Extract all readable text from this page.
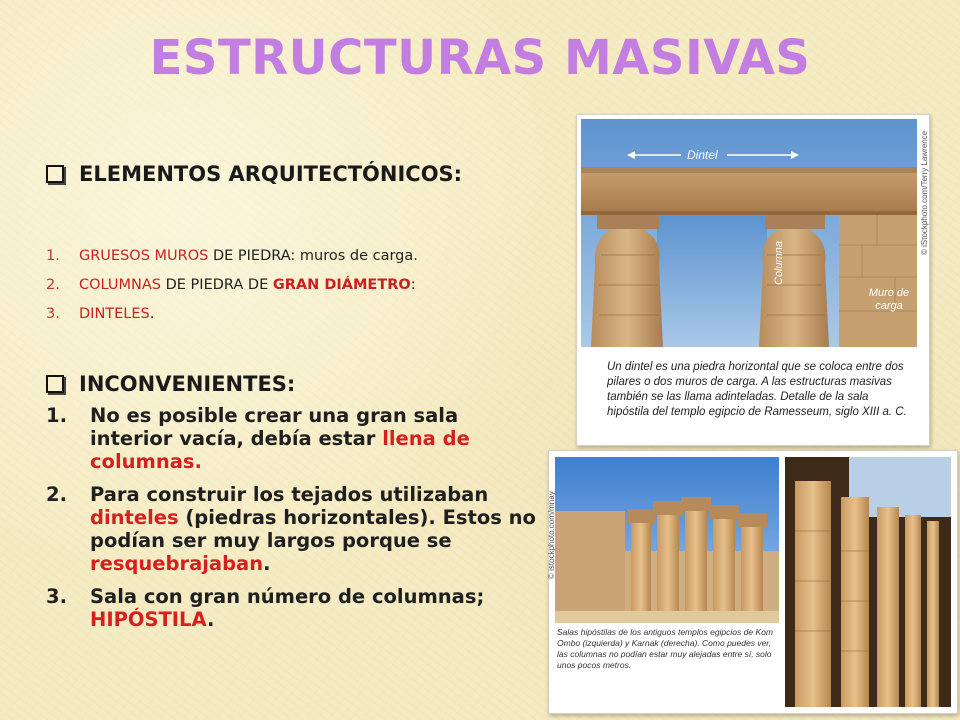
ESTRUCTURAS MASIVAS
ELEMENTOS ARQUITECTÓNICOS:
1. GRUESOS MUROS DE PIEDRA: muros de carga.
2. COLUMNAS DE PIEDRA DE GRAN DIÁMETRO:
3. DINTELES.
INCONVENIENTES:
1.	No es posible crear una gran sala interior vacía, debía estar llena de columnas.
2.	Para construir los tejados utilizaban dinteles (piedras horizontales). Estos no podían ser muy largos porque se resquebrajaban.
3.	Sala con gran número de columnas; HIPÓSTILA.
Dintel
Columna
Muro de carga
© iStockphoto.com/Terry Lawrence
Un dintel es una piedra horizontal que se coloca entre dos pilares o dos muros de carga. A las estructuras masivas también se las llama adinteladas. Detalle de la sala hipóstila del templo egipcio de Ramesseum, siglo XIII a. C.
© istockphoto.com/mnay
Salas hipóstilas de los antiguos templos egipcios de Kom Ombo (izquierda) y Karnak (derecha). Como puedes ver, las columnas no podían estar muy alejadas entre sí, solo unos pocos metros.
